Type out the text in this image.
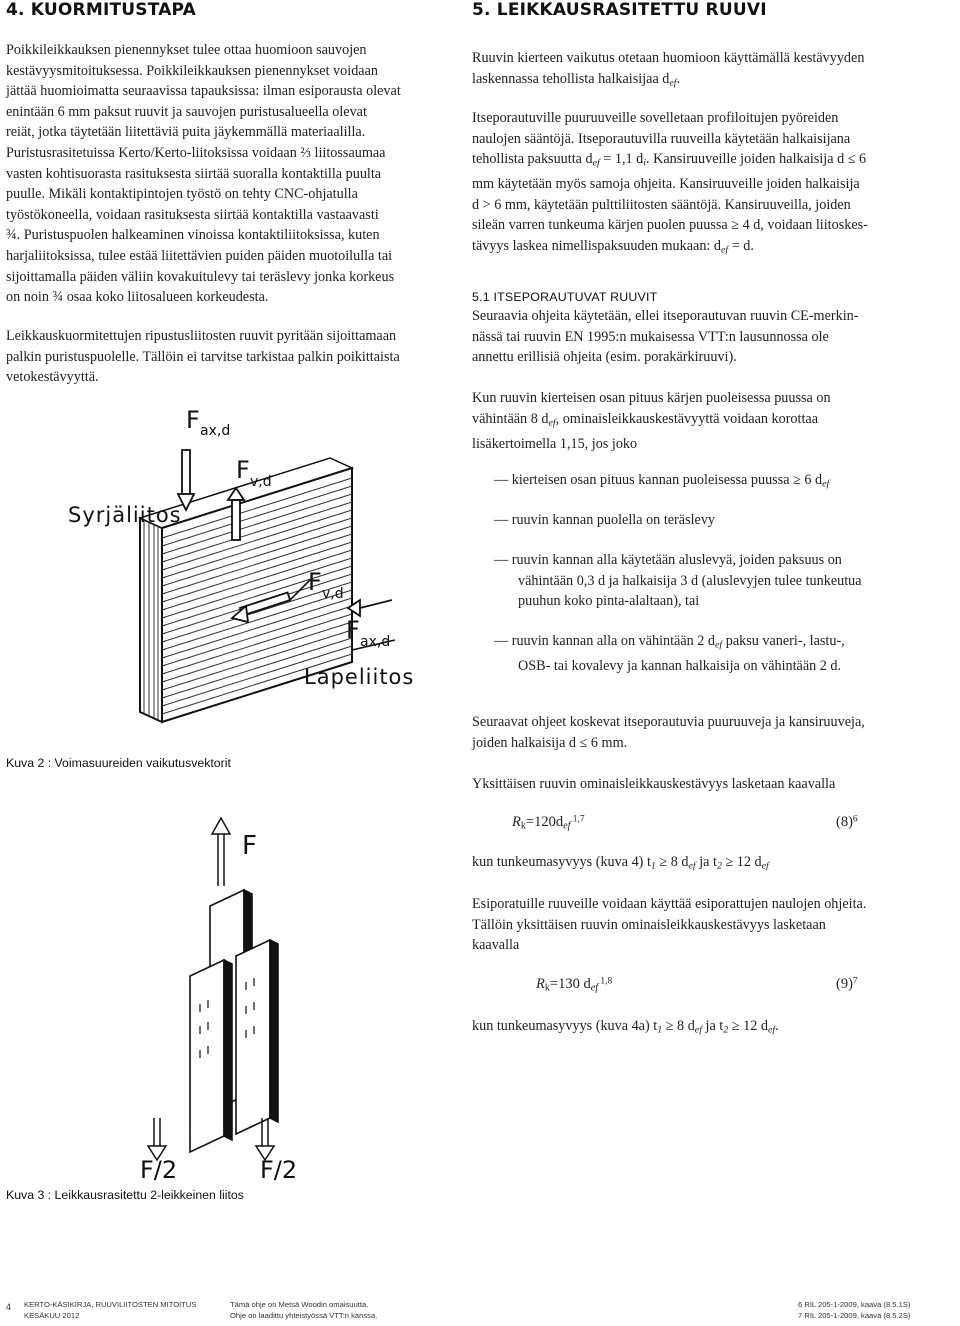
4. KUORMITUSTAPA
Poikkileikkauksen pienennykset tulee ottaa huomioon sauvojen
kestävyysmitoituksessa. Poikkileikkauksen pienennykset voidaan
jättää huomioimatta seuraavissa tapauksissa: ilman esiporausta olevat
enintään 6 mm paksut ruuvit ja sauvojen puristusalueella olevat
reiät, jotka täytetään liitettäviä puita jäykemmällä materiaalilla.
Puristusrasitetuissa Kerto/Kerto-liitoksissa voidaan ⅔ liitossaumaa
vasten kohtisuorasta rasituksesta siirtää suoralla kontaktilla puulta
puulle. Mikäli kontaktipintojen työstö on tehty CNC-ohjatulla
työstökoneella, voidaan rasituksesta siirtää kontaktilla vastaavasti
¾. Puristuspuolen halkeaminen vinoissa kontaktiliitoksissa, kuten
harjaliitoksissa, tulee estää liitettävien puiden päiden muotoilulla tai
sijoittamalla päiden väliin kovakuitulevy tai teräslevy jonka korkeus
on noin ¾ osaa koko liitosalueen korkeudesta.
Leikkauskuormitettujen ripustusliitosten ruuvit pyritään sijoittamaan
palkin puristuspuolelle. Tällöin ei tarvitse tarkistaa palkin poikittaista
vetokestävyyttä.
F ax,d
F v,d
Syrjäliitos
F v,d
F ax,d
Lapeliitos
Kuva 2 : Voimasuureiden vaikutusvektorit
F
F/2	F/2
Kuva 3 : Leikkausrasitettu 2-leikkeinen liitos
5. LEIKKAUSRASITETTU RUUVI
Ruuvin kierteen vaikutus otetaan huomioon käyttämällä kestävyyden
laskennassa tehollista halkaisijaa $d_{ef}$.
Itseporautuville puuruuveille sovelletaan profiloitujen pyöreiden
naulojen sääntöjä. Itseporautuvilla ruuveilla käytetään halkaisijana
tehollista paksuutta $d_{ef} = 1,1$ $d_i$. Kansiruuveille joiden halkaisija d ≤ 6
mm käytetään myös samoja ohjeita. Kansiruuveille joiden halkaisija
d > 6 mm, käytetään pulttiliitosten sääntöjä. Kansiruuveilla, joiden
sileän varren tunkeuma kärjen puolen puussa ≥ 4 d, voidaan liitoskes-
tävyys laskea nimellispaksuuden mukaan: $d_{ef} = d$.
5.1 ITSEPORAUTUVAT RUUVIT
Seuraavia ohjeita käytetään, ellei itseporautuvan ruuvin CE-merkin-
nässä tai ruuvin EN 1995:n mukaisessa VTT:n lausunnossa ole
annettu erillisiä ohjeita (esim. porakärkiruuvi).
Kun ruuvin kierteisen osan pituus kärjen puoleisessa puussa on
vähintään 8 $d_{ef}$, ominaisleikkauskestävyyttä voidaan korottaa
lisäkertoimella 1,15, jos joko
— kierteisen osan pituus kannan puoleisessa puussa ≥ 6 $d_{ef}$
— ruuvin kannan puolella on teräslevy
— ruuvin kannan alla käytetään aluslevyä, joiden paksuus on
vähintään 0,3 d ja halkaisija 3 d (aluslevyjen tulee tunkeutua
puuhun koko pinta-alaltaan), tai
— ruuvin kannan alla on vähintään 2 $d_{ef}$ paksu vaneri-, lastu-,
OSB- tai kovalevy ja kannan halkaisija on vähintään 2 d.
Seuraavat ohjeet koskevat itseporautuvia puuruuveja ja kansiruuveja,
joiden halkaisija d ≤ 6 mm.
Yksittäisen ruuvin ominaisleikkauskestävyys lasketaan kaavalla
$R_k=120d_{ef}$ $^{1,7}$	$(8)^6$
kun tunkeumasyvyys (kuva 4) $t_1 \ge 8$ $d_{ef}$ ja $t_2 \ge 12$ $d_{ef}$
Esiporatuille ruuveille voidaan käyttää esiporattujen naulojen ohjeita.
Tällöin yksittäisen ruuvin ominaisleikkauskestävyys lasketaan
kaavalla
$R_k=130$ $d_{ef}$ $^{1,8}$	$(9)^7$
kun tunkeumasyvyys (kuva 4a) $t_1 \ge 8$ $d_{ef}$ ja $t_2 \ge 12$ $d_{ef}$.
4 KERTO-KÄSIKIRJA, RUUVILIITOSTEN MITOITUS
KESÄKUU 2012
Tämä ohje on Metsä Woodin omaisuutta.
Ohje on laadittu yhteistyössä VTT:n kanssa.
6 RIL 205-1-2009, kaava (8.5.1S)
7 RIL 205-1-2009, kaava (8.5.2S)
